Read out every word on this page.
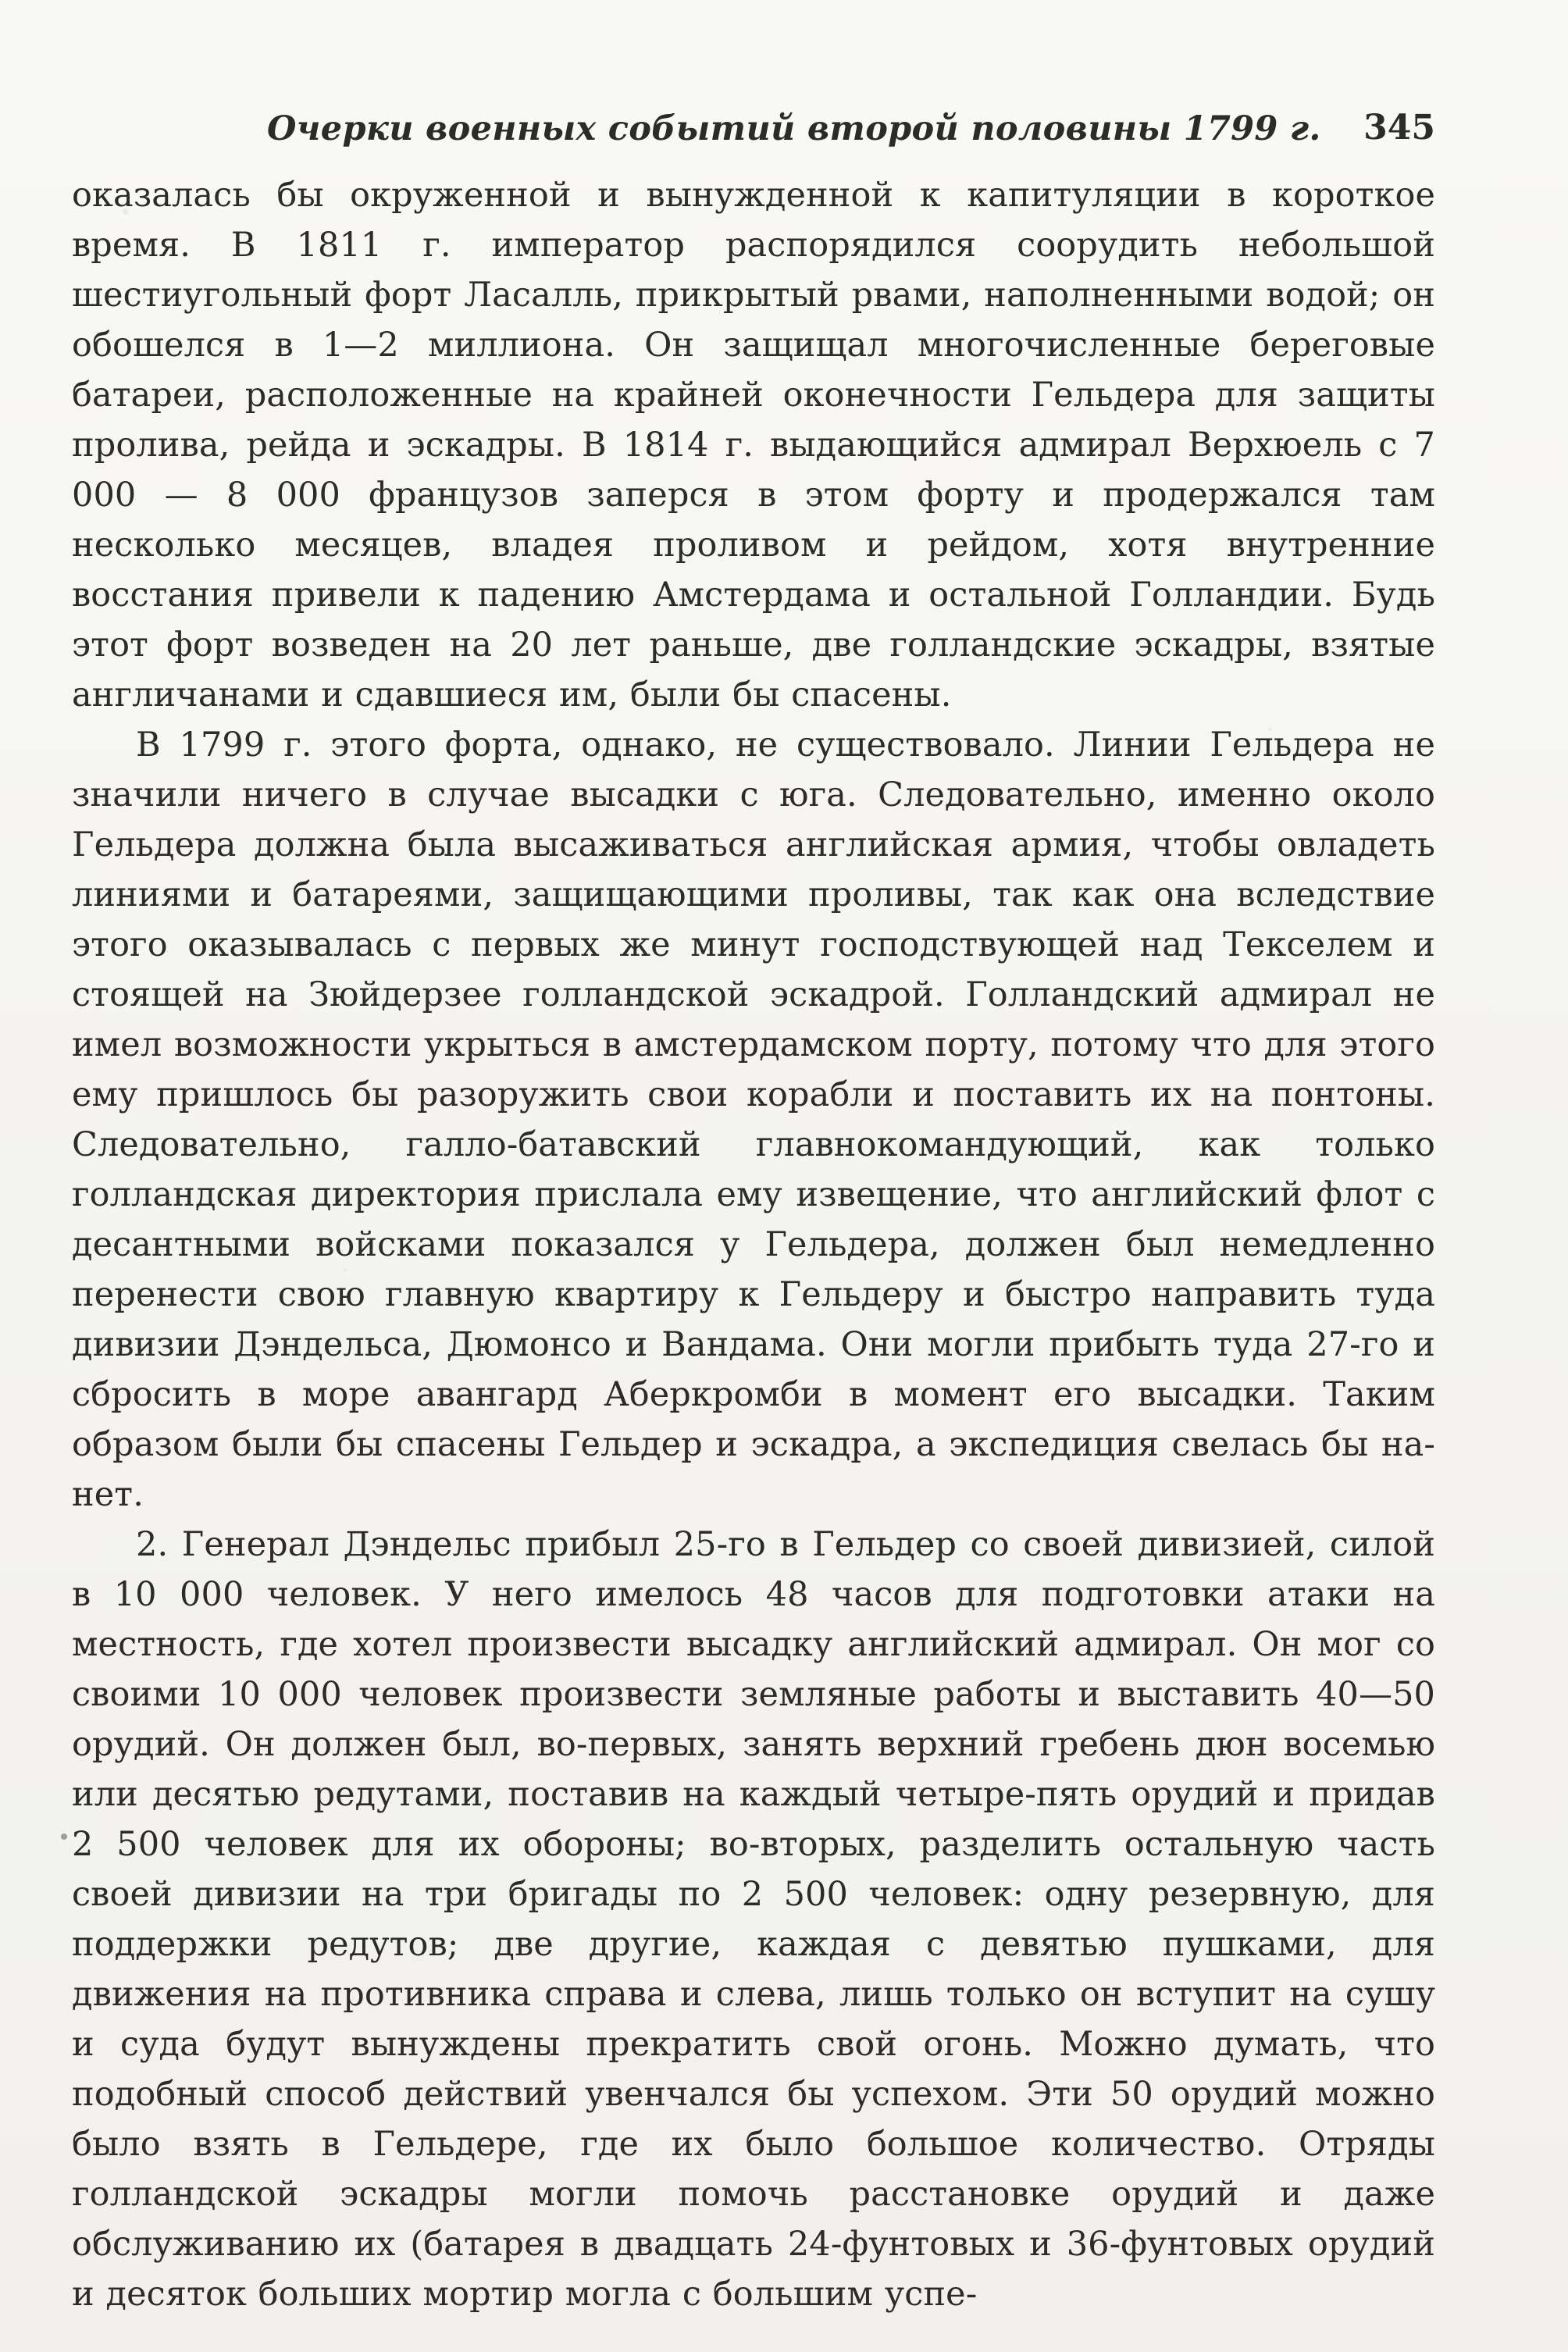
Очерки военных событий второй половины 1799 г. 345

оказалась бы окруженной и вынужденной к капитуляции в короткое время. В 1811 г. император распорядился соорудить небольшой шестиугольный форт Ласалль, прикрытый рвами, наполненными водой; он обошелся в 1—2 миллиона. Он защищал многочисленные береговые батареи, расположенные на крайней оконечности Гельдера для защиты пролива, рейда и эскадры. В 1814 г. выдающийся адмирал Верхюель с 7 000 — 8 000 французов заперся в этом форту и продержался там несколько месяцев, владея проливом и рейдом, хотя внутренние восстания привели к падению Амстердама и остальной Голландии. Будь этот форт возведен на 20 лет раньше, две голландские эскадры, взятые англичанами и сдавшиеся им, были бы спасены.

В 1799 г. этого форта, однако, не существовало. Линии Гельдера не значили ничего в случае высадки с юга. Следовательно, именно около Гельдера должна была высаживаться английская армия, чтобы овладеть линиями и батареями, защищающими проливы, так как она вследствие этого оказывалась с первых же минут господствующей над Текселем и стоящей на Зюйдерзее голландской эскадрой. Голландский адмирал не имел возможности укрыться в амстердамском порту, потому что для этого ему пришлось бы разоружить свои корабли и поставить их на понтоны. Следовательно, галло-батавский главнокомандующий, как только голландская директория прислала ему извещение, что английский флот с десантными войсками показался у Гельдера, должен был немедленно перенести свою главную квартиру к Гельдеру и быстро направить туда дивизии Дэндельса, Дюмонсо и Вандама. Они могли прибыть туда 27-го и сбросить в море авангард Аберкромби в момент его высадки. Таким образом были бы спасены Гельдер и эскадра, а экспедиция свелась бы на-нет.

2. Генерал Дэндельс прибыл 25-го в Гельдер со своей дивизией, силой в 10 000 человек. У него имелось 48 часов для подготовки атаки на местность, где хотел произвести высадку английский адмирал. Он мог со своими 10 000 человек произвести земляные работы и выставить 40—50 орудий. Он должен был, во-первых, занять верхний гребень дюн восемью или десятью редутами, поставив на каждый четыре-пять орудий и придав 2 500 человек для их обороны; во-вторых, разделить остальную часть своей дивизии на три бригады по 2 500 человек: одну резервную, для поддержки редутов; две другие, каждая с девятью пушками, для движения на противника справа и слева, лишь только он вступит на сушу и суда будут вынуждены прекратить свой огонь. Можно думать, что подобный способ действий увенчался бы успехом. Эти 50 орудий можно было взять в Гельдере, где их было большое количество. Отряды голландской эскадры могли помочь расстановке орудий и даже обслуживанию их (батарея в двадцать 24-фунтовых и 36-фунтовых орудий и десяток больших мортир могла с большим успе-
